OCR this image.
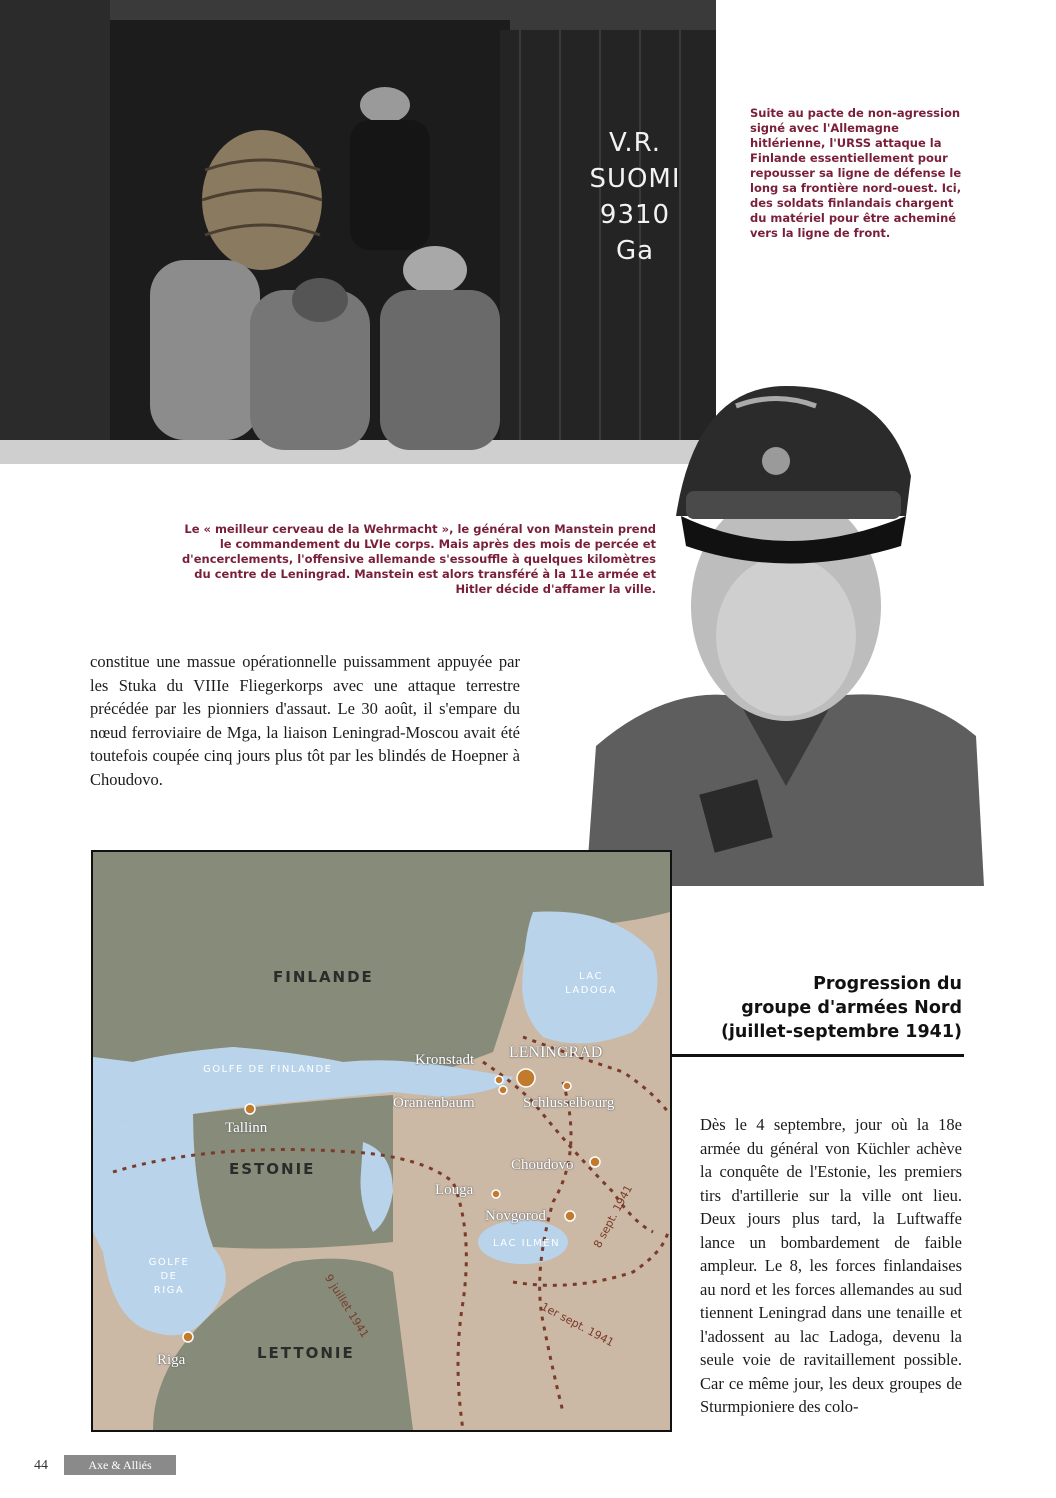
V.R.
SUOMI
9310
Ga
Suite au pacte de non-agression signé avec l'Allemagne hitlérienne, l'URSS attaque la Finlande essentiellement pour repousser sa ligne de défense le long sa frontière nord-ouest. Ici, des soldats finlandais chargent du matériel pour être acheminé vers la ligne de front.
Le « meilleur cerveau de la Wehrmacht », le général von Manstein prend le commandement du LVIe corps. Mais après des mois de percée et d'encerclements, l'offensive allemande s'essouffle à quelques kilomètres du centre de Leningrad. Manstein est alors transféré à la 11e armée et Hitler décide d'affamer la ville.
constitue une massue opérationnelle puissamment appuyée par les Stuka du VIIIe Fliegerkorps avec une attaque terrestre précédée par les pionniers d'assaut. Le 30 août, il s'empare du nœud ferroviaire de Mga, la liaison Leningrad-Moscou avait été toutefois coupée cinq jours plus tôt par les blindés de Hoepner à Choudovo.
Progression du
groupe d'armées Nord
(juillet-septembre 1941)
Dès le 4 septembre, jour où la 18e armée du général von Küchler achève la conquête de l'Estonie, les premiers tirs d'artillerie sur la ville ont lieu. Deux jours plus tard, la Luftwaffe lance un bombardement de faible ampleur. Le 8, les forces finlandaises au nord et les forces allemandes au sud tiennent Leningrad dans une tenaille et l'adossent au lac Ladoga, devenu la seule voie de ravitaillement possible. Car ce même jour, les deux groupes de Sturmpioniere des colo-
FINLANDE
ESTONIE
LETTONIE
GOLFE DE FINLANDE
GOLFE
DE
RIGA
LAC
LADOGA
LAC ILMEN
LENINGRAD
Kronstadt
Oranienbaum	Schlusselbourg
Tallinn
Choudovo
Louga
Novgorod
Riga
9 juillet 1941	1er sept. 1941
8 sept. 1941
44	Axe & Alliés
